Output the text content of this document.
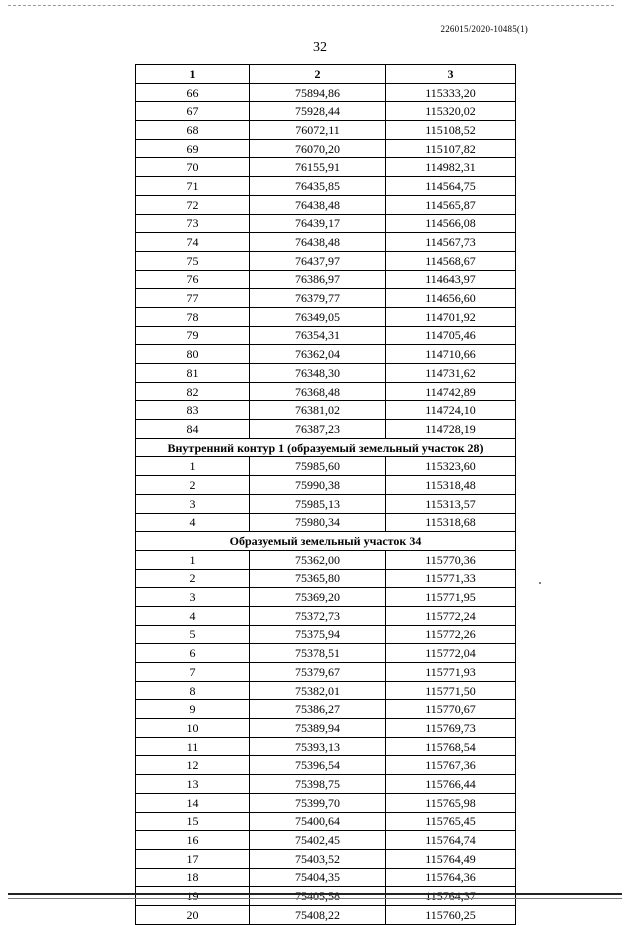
226015/2020-10485(1)
32
1	2	3
66	75894,86	115333,20
67	75928,44	115320,02
68	76072,11	115108,52
69	76070,20	115107,82
70	76155,91	114982,31
71	76435,85	114564,75
72	76438,48	114565,87
73	76439,17	114566,08
74	76438,48	114567,73
75	76437,97	114568,67
76	76386,97	114643,97
77	76379,77	114656,60
78	76349,05	114701,92
79	76354,31	114705,46
80	76362,04	114710,66
81	76348,30	114731,62
82	76368,48	114742,89
83	76381,02	114724,10
84	76387,23	114728,19
Внутренний контур 1 (образуемый земельный участок 28)		
1	75985,60	115323,60
2	75990,38	115318,48
3	75985,13	115313,57
4	75980,34	115318,68
Образуемый земельный участок 34		
1	75362,00	115770,36
2	75365,80	115771,33
3	75369,20	115771,95
4	75372,73	115772,24
5	75375,94	115772,26
6	75378,51	115772,04
7	75379,67	115771,93
8	75382,01	115771,50
9	75386,27	115770,67
10	75389,94	115769,73
11	75393,13	115768,54
12	75396,54	115767,36
13	75398,75	115766,44
14	75399,70	115765,98
15	75400,64	115765,45
16	75402,45	115764,74
17	75403,52	115764,49
18	75404,35	115764,36
19	75405,58	115764,37
20	75408,22	115760,25
